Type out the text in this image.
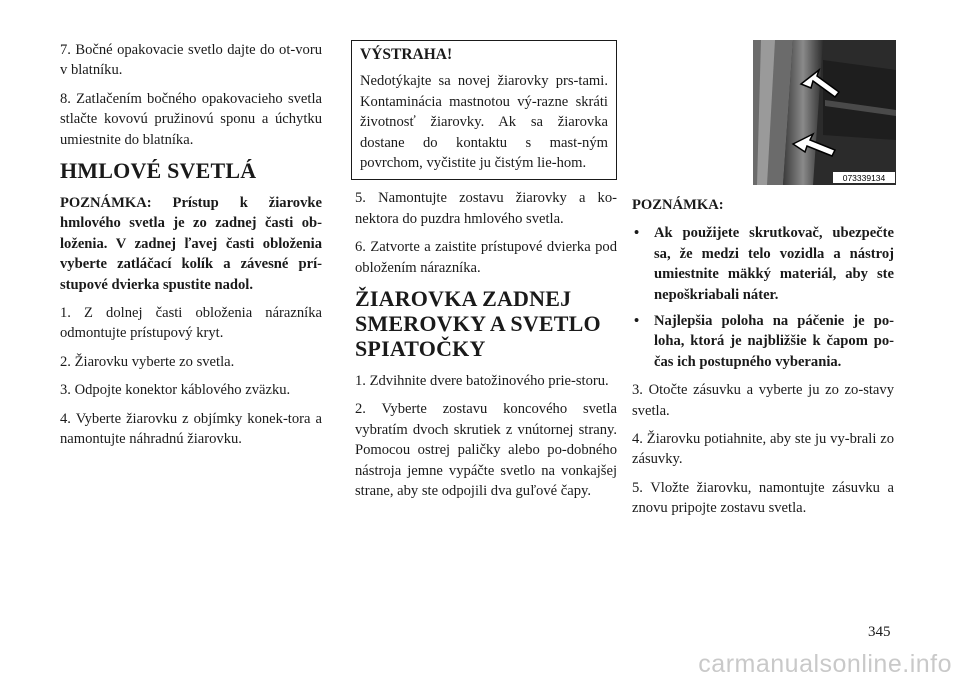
7. Bočné opakovacie svetlo dajte do ot-voru v blatníku.

8. Zatlačením bočného opakovacieho svetla stlačte kovovú pružinovú sponu a úchytku umiestnite do blatníka.

HMLOVÉ SVETLÁ

POZNÁMKA: Prístup k žiarovke hmlového svetla je zo zadnej časti ob-loženia. V zadnej ľavej časti obloženia vyberte zatláčací kolík a závesné prí-stupové dvierka spustite nadol.

1. Z dolnej časti obloženia nárazníka odmontujte prístupový kryt.

2. Žiarovku vyberte zo svetla.

3. Odpojte konektor káblového zväzku.

4. Vyberte žiarovku z objímky konek-tora a namontujte náhradnú žiarovku.

VÝSTRAHA!

Nedotýkajte sa novej žiarovky prs-tami. Kontaminácia mastnotou vý-razne skráti životnosť žiarovky. Ak sa žiarovka dostane do kontaktu s mast-ným povrchom, vyčistite ju čistým lie-hom.

5. Namontujte zostavu žiarovky a ko-nektora do puzdra hmlového svetla.

6. Zatvorte a zaistite prístupové dvierka pod obložením nárazníka.

ŽIAROVKA ZADNEJ SMEROVKY A SVETLO SPIATOČKY

1. Zdvihnite dvere batožinového prie-storu.

2. Vyberte zostavu koncového svetla vybratím dvoch skrutiek z vnútornej strany. Pomocou ostrej paličky alebo po-dobného nástroja jemne vypáčte svetlo na vonkajšej strane, aby ste odpojili dva guľové čapy.

073339134

POZNÁMKA:

• Ak použijete skrutkovač, ubezpečte sa, že medzi telo vozidla a nástroj umiestnite mäkký materiál, aby ste nepoškriabali náter.
• Najlepšia poloha na páčenie je po-loha, ktorá je najbližšie k čapom po-čas ich postupného vyberania.

3. Otočte zásuvku a vyberte ju zo zo-stavy svetla.

4. Žiarovku potiahnite, aby ste ju vy-brali zo zásuvky.

5. Vložte žiarovku, namontujte zásuvku a znovu pripojte zostavu svetla.

345
carmanualsonline.info
